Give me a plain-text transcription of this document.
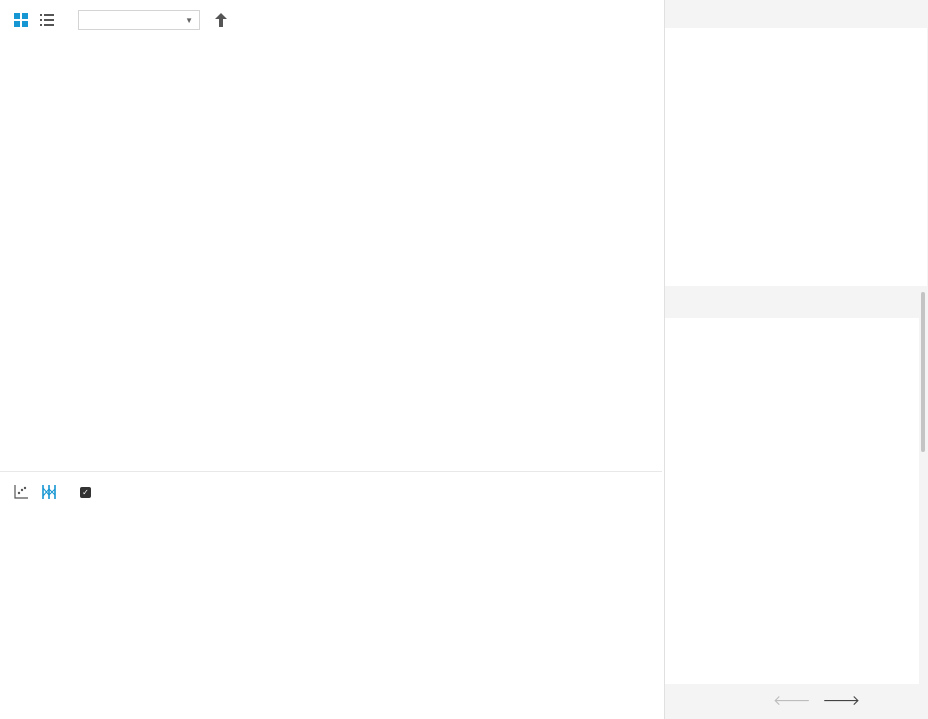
▼
✓
🡐 🡒
